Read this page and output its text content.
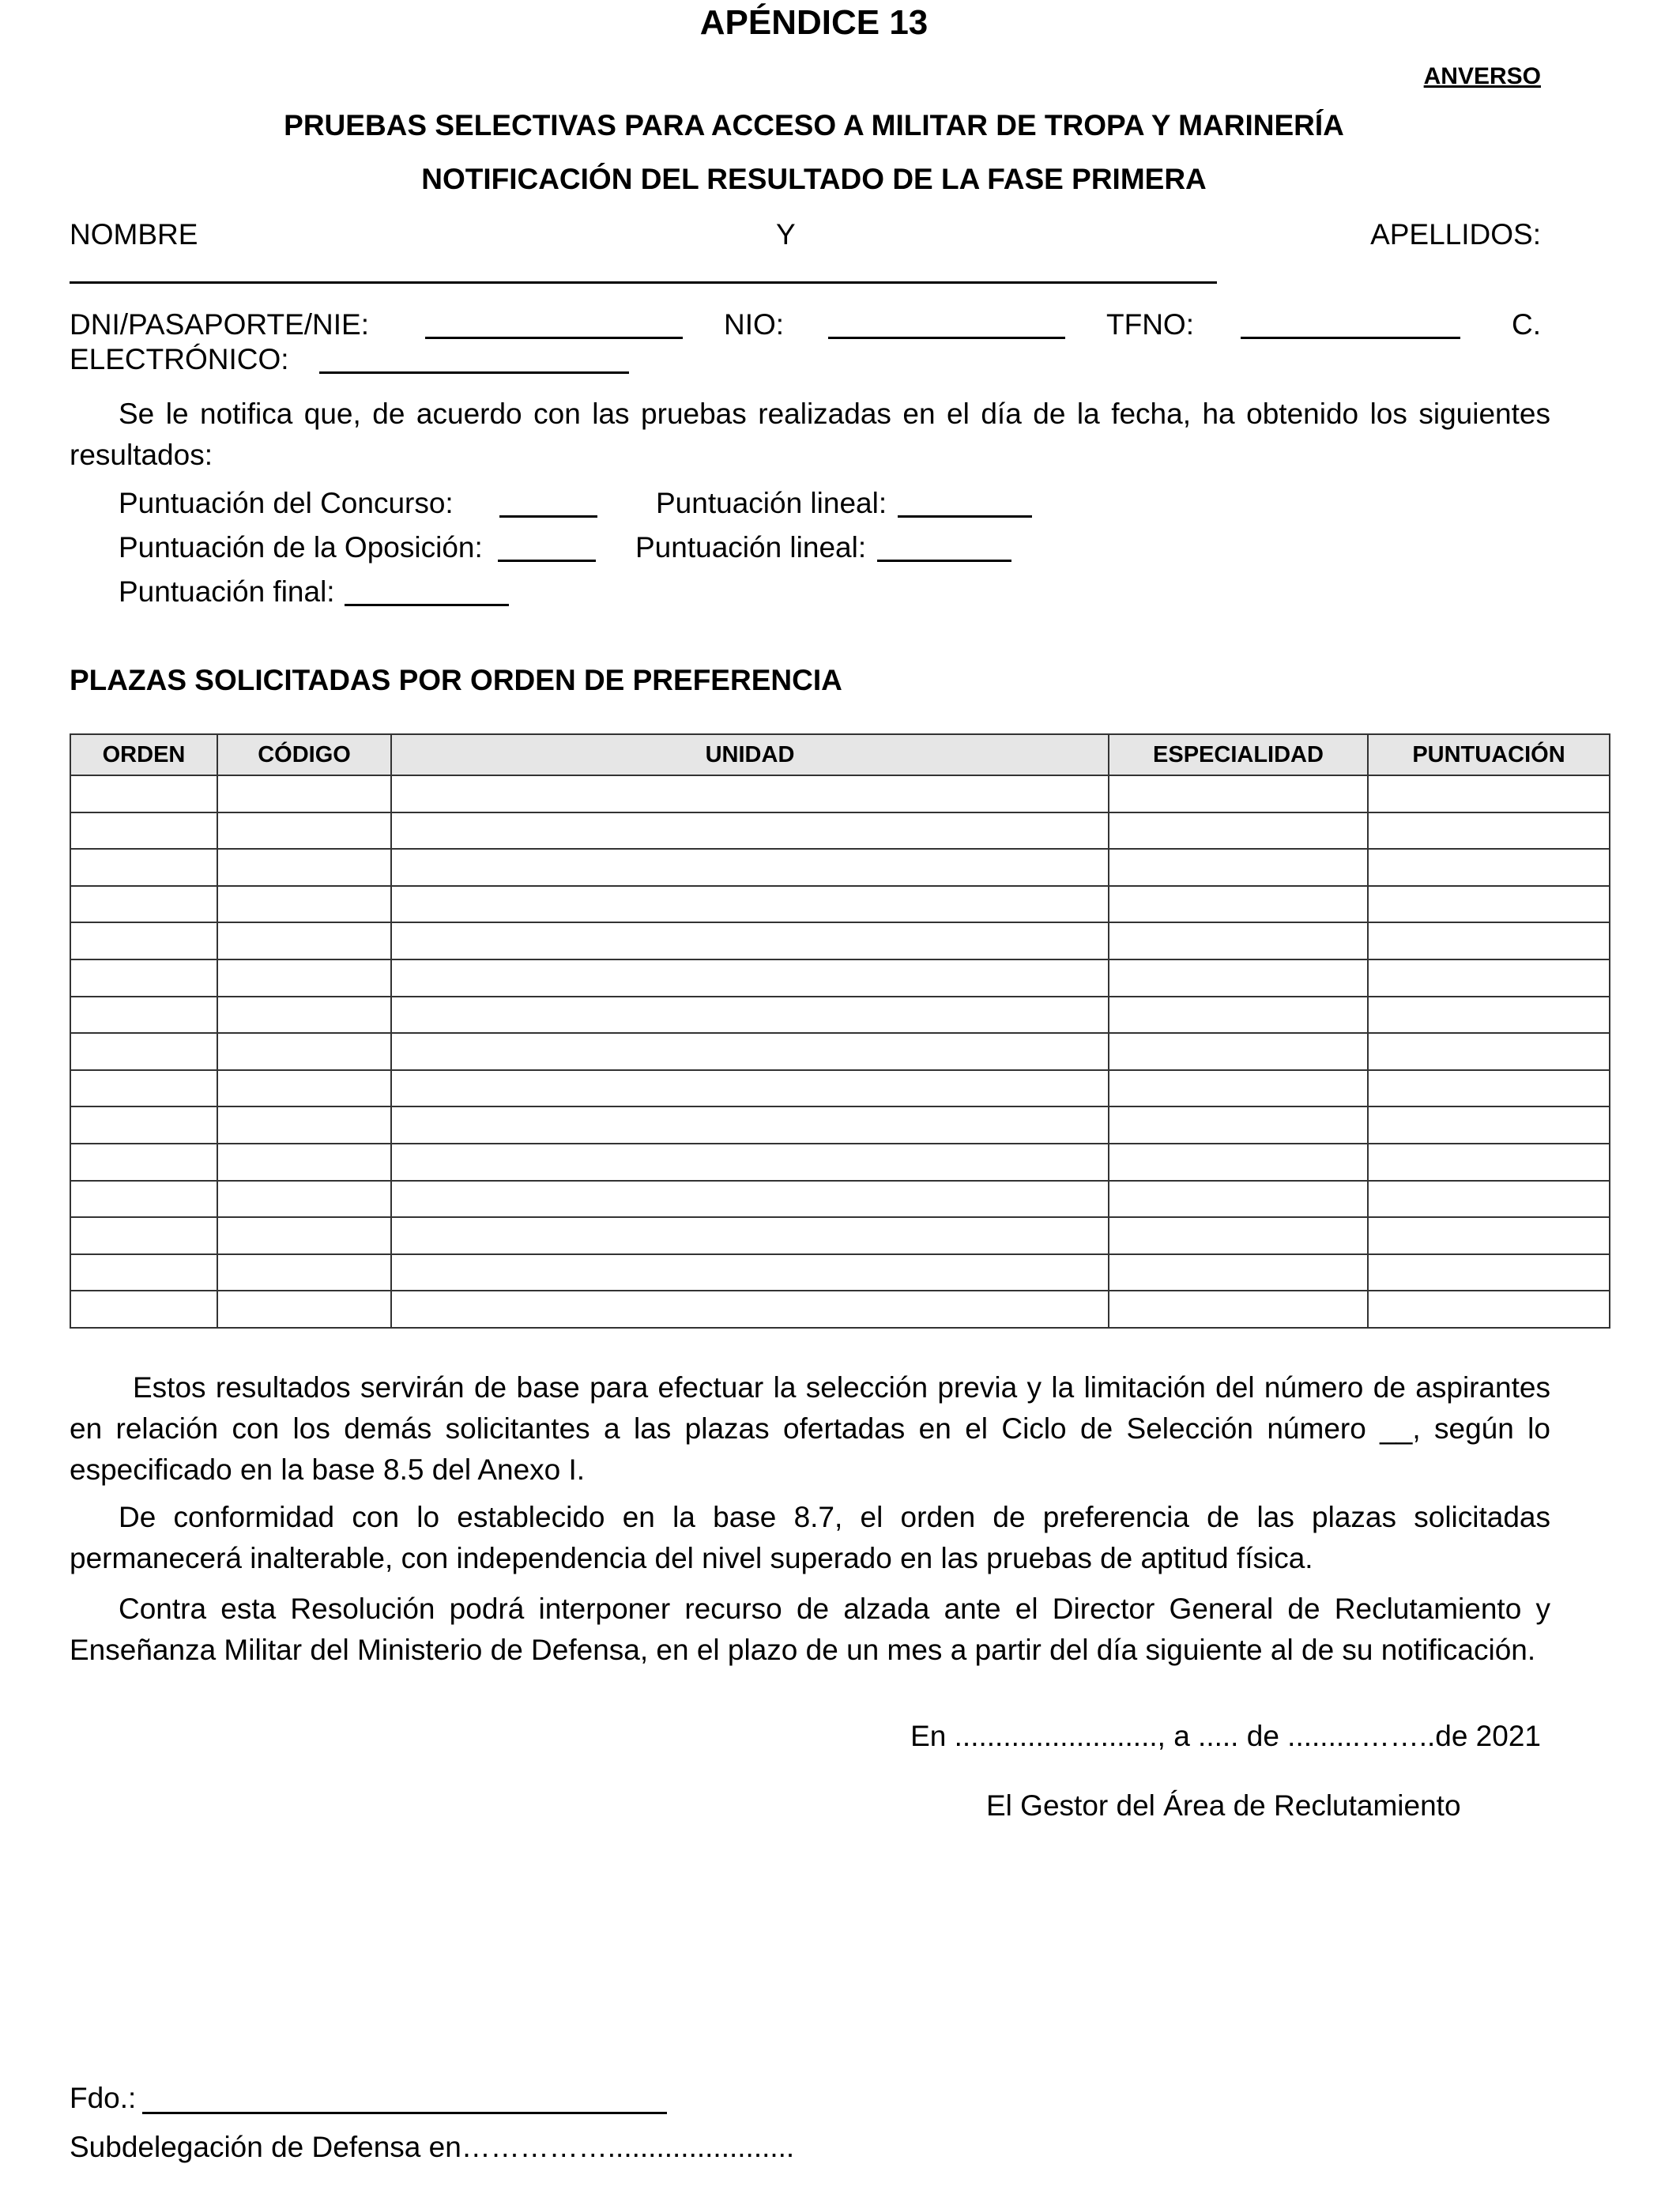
APÉNDICE 13
ANVERSO
PRUEBAS SELECTIVAS PARA ACCESO A MILITAR DE TROPA Y MARINERÍA
NOTIFICACIÓN DEL RESULTADO DE LA FASE PRIMERA
NOMBRE	Y	APELLIDOS:
DNI/PASAPORTE/NIE:	NIO:	TFNO:	C.
ELECTRÓNICO:
Se le notifica que, de acuerdo con las pruebas realizadas en el día de la fecha, ha obtenido los siguientes resultados:
Puntuación del Concurso:	Puntuación lineal:
Puntuación de la Oposición:	Puntuación lineal:
Puntuación final:
PLAZAS SOLICITADAS POR ORDEN DE PREFERENCIA
ORDEN	CÓDIGO	UNIDAD	ESPECIALIDAD	PUNTUACIÓN

Estos resultados servirán de base para efectuar la selección previa y la limitación del número de aspirantes en relación con los demás solicitantes a las plazas ofertadas en el Ciclo de Selección número __, según lo especificado en la base 8.5 del Anexo I.
De conformidad con lo establecido en la base 8.7, el orden de preferencia de las plazas solicitadas permanecerá inalterable, con independencia del nivel superado en las pruebas de aptitud física.
Contra esta Resolución podrá interponer recurso de alzada ante el Director General de Reclutamiento y Enseñanza Militar del Ministerio de Defensa, en el plazo de un mes a partir del día siguiente al de su notificación.
En ........................., a ..... de .........……..de 2021
El Gestor del Área de Reclutamiento
Fdo.:
Subdelegación de Defensa en…………….......................
